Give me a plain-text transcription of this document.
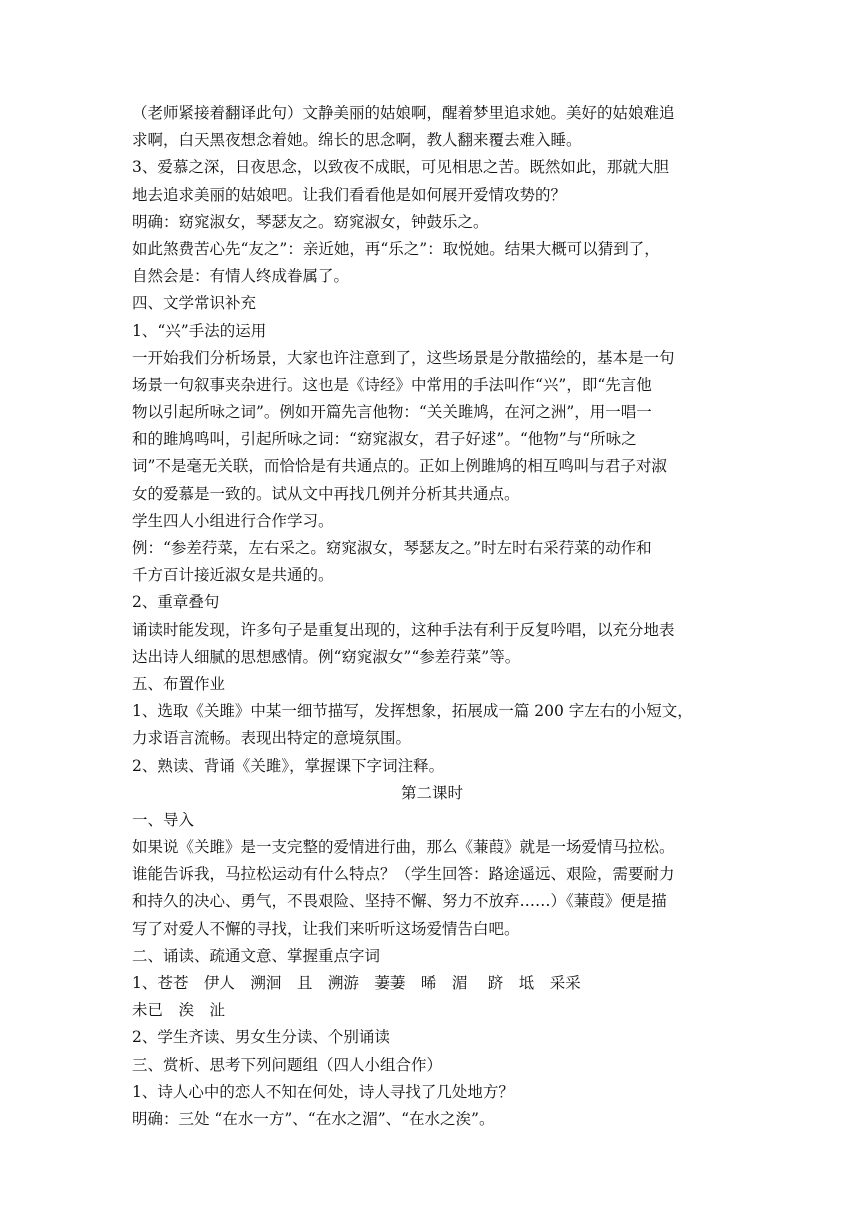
（老师紧接着翻译此句）文静美丽的姑娘啊，醒着梦里追求她。美好的姑娘难追
求啊，白天黑夜想念着她。绵长的思念啊，教人翻来覆去难入睡。
3、爱慕之深，日夜思念，以致夜不成眠，可见相思之苦。既然如此，那就大胆
地去追求美丽的姑娘吧。让我们看看他是如何展开爱情攻势的？
明确：窈窕淑女，琴瑟友之。窈窕淑女，钟鼓乐之。
如此煞费苦心先“友之”：亲近她，再“乐之”：取悦她。结果大概可以猜到了，
自然会是：有情人终成眷属了。
四、文学常识补充
1、“兴”手法的运用
一开始我们分析场景，大家也许注意到了，这些场景是分散描绘的，基本是一句
场景一句叙事夹杂进行。这也是《诗经》中常用的手法叫作“兴”，即“先言他
物以引起所咏之词”。例如开篇先言他物：“关关雎鸠，在河之洲”，用一唱一
和的雎鸠鸣叫，引起所咏之词：“窈窕淑女，君子好逑”。“他物”与“所咏之
词”不是毫无关联，而恰恰是有共通点的。正如上例雎鸠的相互鸣叫与君子对淑
女的爱慕是一致的。试从文中再找几例并分析其共通点。
学生四人小组进行合作学习。
例：“参差荇菜，左右采之。窈窕淑女，琴瑟友之。”时左时右采荇菜的动作和
千方百计接近淑女是共通的。
2、重章叠句
诵读时能发现，许多句子是重复出现的，这种手法有利于反复吟唱，以充分地表
达出诗人细腻的思想感情。例“窈窕淑女”“参差荇菜”等。
五、布置作业
1、选取《关雎》中某一细节描写，发挥想象，拓展成一篇 200 字左右的小短文，
力求语言流畅。表现出特定的意境氛围。
2、熟读、背诵《关雎》，掌握课下字词注释。
第二课时
一、导入
如果说《关雎》是一支完整的爱情进行曲，那么《蒹葭》就是一场爱情马拉松。
谁能告诉我，马拉松运动有什么特点？（学生回答：路途遥远、艰险，需要耐力
和持久的决心、勇气，不畏艰险、坚持不懈、努力不放弃……）《蒹葭》便是描
写了对爱人不懈的寻找，让我们来听听这场爱情告白吧。
二、诵读、疏通文意、掌握重点字词
1、苍苍　伊人　溯洄　且　溯游　萋萋　晞　湄　 跻　坻　采采
未已　涘　沚
2、学生齐读、男女生分读、个别诵读
三、赏析、思考下列问题组（四人小组合作）
1、诗人心中的恋人不知在何处，诗人寻找了几处地方？
明确：三处 “在水一方”、“在水之湄”、“在水之涘”。
